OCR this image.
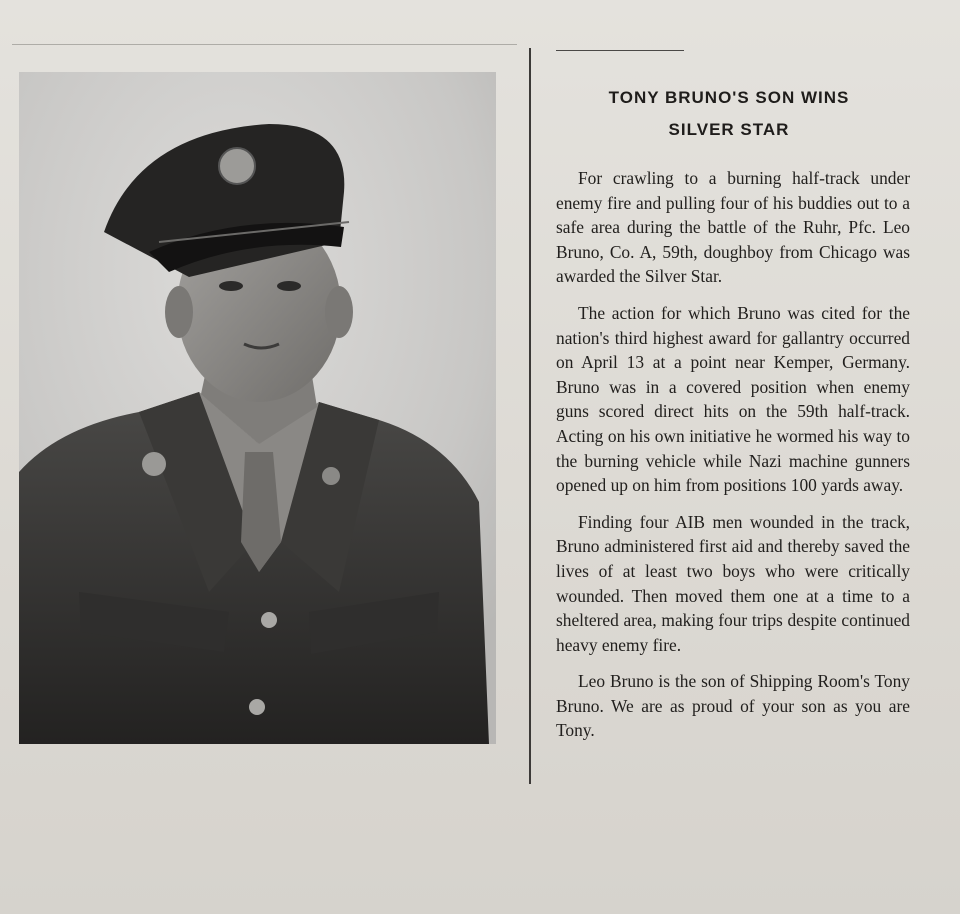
TONY BRUNO'S SON WINS
SILVER STAR

For crawling to a burning half-track under enemy fire and pulling four of his buddies out to a safe area during the battle of the Ruhr, Pfc. Leo Bruno, Co. A, 59th, doughboy from Chicago was awarded the Silver Star.

The action for which Bruno was cited for the nation's third highest award for gallantry occurred on April 13 at a point near Kemper, Germany. Bruno was in a covered position when enemy guns scored direct hits on the 59th half-track. Acting on his own initiative he wormed his way to the burning vehicle while Nazi machine gunners opened up on him from positions 100 yards away.

Finding four AIB men wounded in the track, Bruno administered first aid and thereby saved the lives of at least two boys who were critically wounded. Then moved them one at a time to a sheltered area, making four trips despite continued heavy enemy fire.

Leo Bruno is the son of Shipping Room's Tony Bruno. We are as proud of your son as you are Tony.
